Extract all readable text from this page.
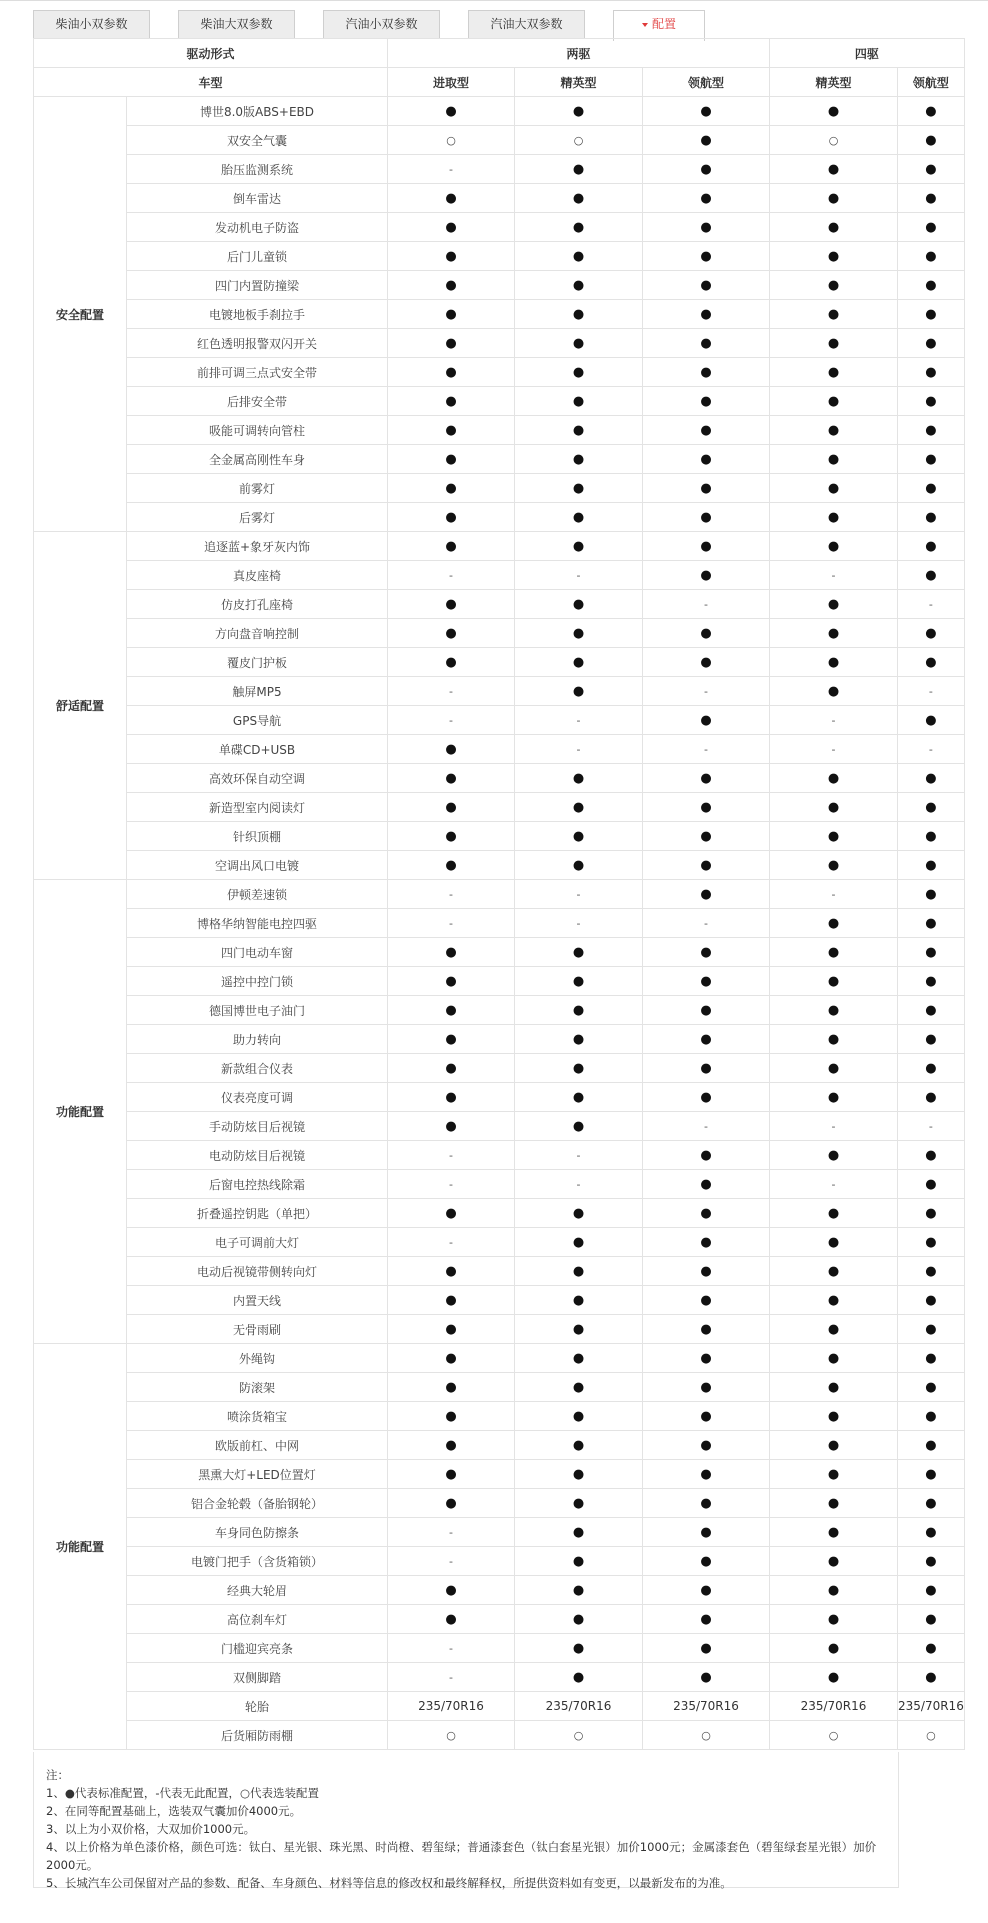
柴油小双参数	柴油大双参数	汽油小双参数	汽油大双参数	配置
驱动形式		两驱			四驱	
车型		进取型	精英型	领航型	精英型	领航型
安全配置	博世8.0版ABS+EBD	●	●	●	●	●
	双安全气囊	○	○	●	○	●
	胎压监测系统	-	●	●	●	●
	倒车雷达	●	●	●	●	●
	发动机电子防盗	●	●	●	●	●
	后门儿童锁	●	●	●	●	●
	四门内置防撞梁	●	●	●	●	●
	电镀地板手刹拉手	●	●	●	●	●
	红色透明报警双闪开关	●	●	●	●	●
	前排可调三点式安全带	●	●	●	●	●
	后排安全带	●	●	●	●	●
	吸能可调转向管柱	●	●	●	●	●
	全金属高刚性车身	●	●	●	●	●
	前雾灯	●	●	●	●	●
	后雾灯	●	●	●	●	●
舒适配置	追逐蓝+象牙灰内饰	●	●	●	●	●
	真皮座椅	-	-	●	-	●
	仿皮打孔座椅	●	●	-	●	-
	方向盘音响控制	●	●	●	●	●
	覆皮门护板	●	●	●	●	●
	触屏MP5	-	●	-	●	-
	GPS导航	-	-	●	-	●
	单碟CD+USB	●	-	-	-	-
	高效环保自动空调	●	●	●	●	●
	新造型室内阅读灯	●	●	●	●	●
	针织顶棚	●	●	●	●	●
	空调出风口电镀	●	●	●	●	●
功能配置	伊顿差速锁	-	-	●	-	●
	博格华纳智能电控四驱	-	-	-	●	●
	四门电动车窗	●	●	●	●	●
	遥控中控门锁	●	●	●	●	●
	德国博世电子油门	●	●	●	●	●
	助力转向	●	●	●	●	●
	新款组合仪表	●	●	●	●	●
	仪表亮度可调	●	●	●	●	●
	手动防炫目后视镜	●	●	-	-	-
	电动防炫目后视镜	-	-	●	●	●
	后窗电控热线除霜	-	-	●	-	●
	折叠遥控钥匙（单把）	●	●	●	●	●
	电子可调前大灯	-	●	●	●	●
	电动后视镜带侧转向灯	●	●	●	●	●
	内置天线	●	●	●	●	●
	无骨雨刷	●	●	●	●	●
功能配置	外绳钩	●	●	●	●	●
	防滚架	●	●	●	●	●
	喷涂货箱宝	●	●	●	●	●
	欧版前杠、中网	●	●	●	●	●
	黑熏大灯+LED位置灯	●	●	●	●	●
	铝合金轮毂（备胎钢轮）	●	●	●	●	●
	车身同色防擦条	-	●	●	●	●
	电镀门把手（含货箱锁）	-	●	●	●	●
	经典大轮眉	●	●	●	●	●
	高位刹车灯	●	●	●	●	●
	门槛迎宾亮条	-	●	●	●	●
	双侧脚踏	-	●	●	●	●
	轮胎	235/70R16	235/70R16	235/70R16	235/70R16	235/70R16
	后货厢防雨棚	○	○	○	○	○
注：
1、●代表标准配置，-代表无此配置，○代表选装配置
2、在同等配置基础上，选装双气囊加价4000元。
3、以上为小双价格，大双加价1000元。
4、以上价格为单色漆价格，颜色可选：钛白、星光银、珠光黑、时尚橙、碧玺绿；普通漆套色（钛白套星光银）加价1000元；金属漆套色（碧玺绿套星光银）加价2000元。
5、长城汽车公司保留对产品的参数、配备、车身颜色、材料等信息的修改权和最终解释权，所提供资料如有变更，以最新发布的为准。
